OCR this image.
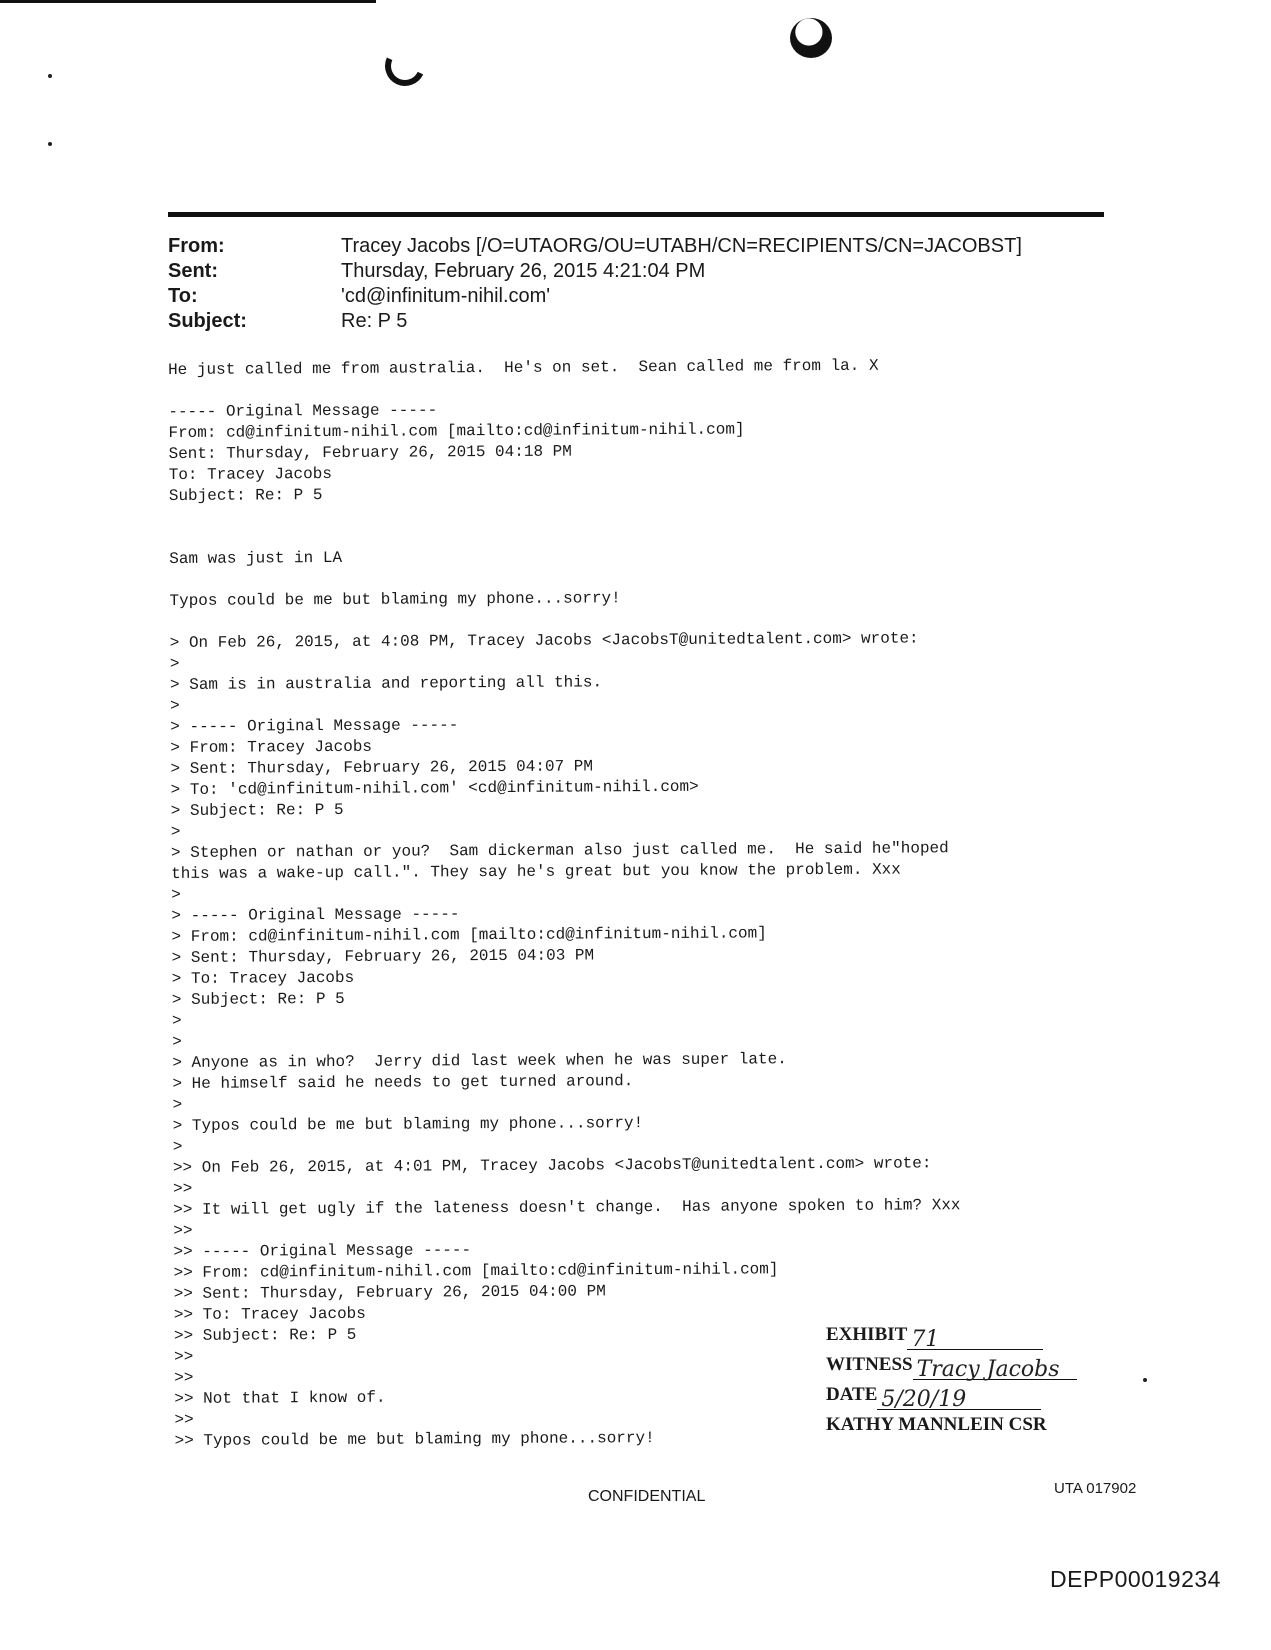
From:	Tracey Jacobs [/O=UTAORG/OU=UTABH/CN=RECIPIENTS/CN=JACOBST]
Sent:	Thursday, February 26, 2015 4:21:04 PM
To:	'cd@infinitum-nihil.com'
Subject:	Re: P 5
He just called me from australia.  He's on set.  Sean called me from la. X
----- Original Message -----
From: cd@infinitum-nihil.com [mailto:cd@infinitum-nihil.com]
Sent: Thursday, February 26, 2015 04:18 PM
To: Tracey Jacobs
Subject: Re: P 5
Sam was just in LA
Typos could be me but blaming my phone...sorry!
> On Feb 26, 2015, at 4:08 PM, Tracey Jacobs <JacobsT@unitedtalent.com> wrote:
>
> Sam is in australia and reporting all this.
>
> ----- Original Message -----
> From: Tracey Jacobs
> Sent: Thursday, February 26, 2015 04:07 PM
> To: 'cd@infinitum-nihil.com' <cd@infinitum-nihil.com>
> Subject: Re: P 5
>
> Stephen or nathan or you?  Sam dickerman also just called me.  He said he"hoped
this was a wake-up call.". They say he's great but you know the problem. Xxx
>
> ----- Original Message -----
> From: cd@infinitum-nihil.com [mailto:cd@infinitum-nihil.com]
> Sent: Thursday, February 26, 2015 04:03 PM
> To: Tracey Jacobs
> Subject: Re: P 5
>
>
> Anyone as in who?  Jerry did last week when he was super late.
> He himself said he needs to get turned around.
>
> Typos could be me but blaming my phone...sorry!
>
>> On Feb 26, 2015, at 4:01 PM, Tracey Jacobs <JacobsT@unitedtalent.com> wrote:
>>
>> It will get ugly if the lateness doesn't change.  Has anyone spoken to him? Xxx
>>
>> ----- Original Message -----
>> From: cd@infinitum-nihil.com [mailto:cd@infinitum-nihil.com]
>> Sent: Thursday, February 26, 2015 04:00 PM
>> To: Tracey Jacobs
>> Subject: Re: P 5
>>
>>
>> Not that I know of.
>>
>> Typos could be me but blaming my phone...sorry!
EXHIBIT 71
WITNESS Tracy Jacobs
DATE 5/20/19
KATHY MANNLEIN CSR
CONFIDENTIAL	UTA 017902
DEPP00019234
